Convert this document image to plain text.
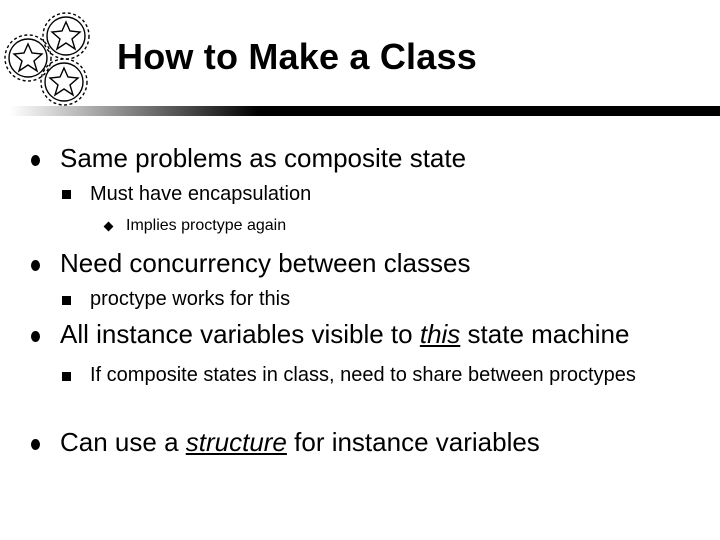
How to Make a Class
Same problems as composite state
Must have encapsulation
Implies proctype again
Need concurrency between classes
proctype works for this
All instance variables visible to this state machine
If composite states in class, need to share between proctypes
Can use a structure for instance variables
